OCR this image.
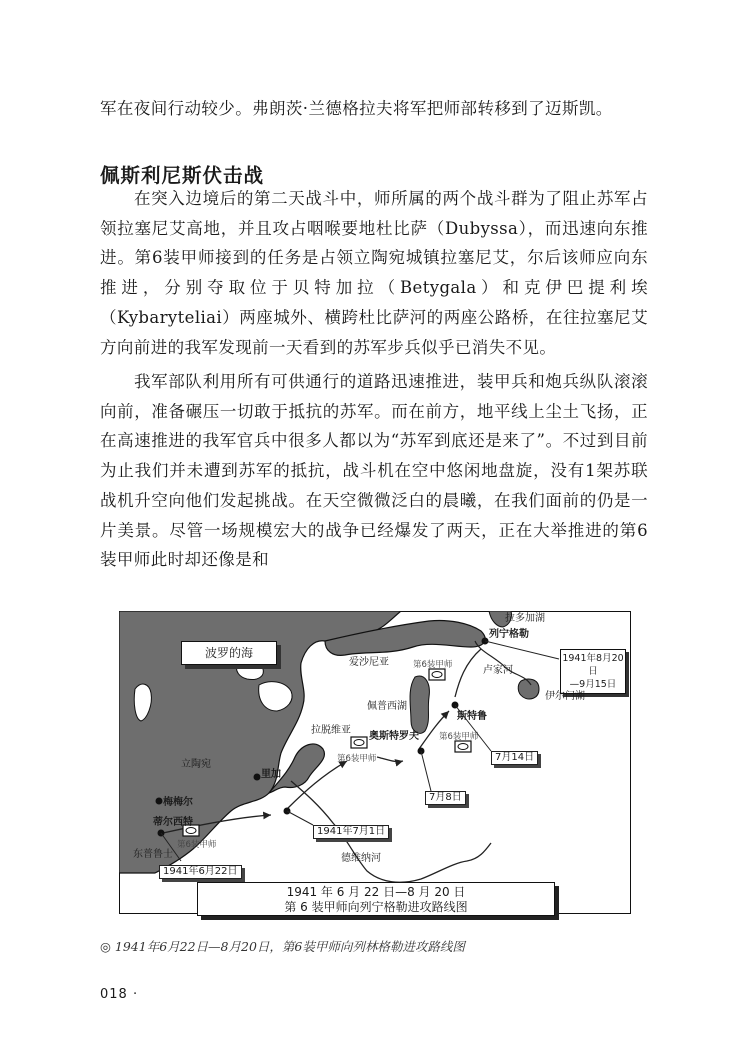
军在夜间行动较少。弗朗茨·兰德格拉夫将军把师部转移到了迈斯凯。

佩斯利尼斯伏击战

在突入边境后的第二天战斗中，师所属的两个战斗群为了阻止苏军占领拉塞尼艾高地，并且攻占咽喉要地杜比萨（Dubyssa），而迅速向东推进。第6装甲师接到的任务是占领立陶宛城镇拉塞尼艾，尔后该师应向东推进，分别夺取位于贝特加拉（Betygala）和克伊巴提利埃（Kybaryteliai）两座城外、横跨杜比萨河的两座公路桥，在往拉塞尼艾方向前进的我军发现前一天看到的苏军步兵似乎已消失不见。

我军部队利用所有可供通行的道路迅速推进，装甲兵和炮兵纵队滚滚向前，准备碾压一切敢于抵抗的苏军。而在前方，地平线上尘土飞扬，正在高速推进的我军官兵中很多人都以为“苏军到底还是来了”。不过到目前为止我们并未遭到苏军的抵抗，战斗机在空中悠闲地盘旋，没有1架苏联战机升空向他们发起挑战。在天空微微泛白的晨曦，在我们面前的仍是一片美景。尽管一场规模宏大的战争已经爆发了两天，正在大举推进的第6装甲师此时却还像是和

波罗的海	1941年8月20日
—9月15日
拉多加湖
列宁格勒
爱沙尼亚	第6装甲师	卢家河
佩普西湖
伊尔门湖
斯特鲁
拉脱维亚
奥斯特罗夫 第6装甲师
第6装甲师	7月14日
立陶宛
里加
7月8日
梅梅尔
蒂尔西特
1941年7月1日
第6装甲师
东普鲁士	德维纳河
1941年6月22日
1941 年 6 月 22 日—8 月 20 日
第 6 装甲师向列宁格勒进攻路线图
◎ 1941年6月22日—8月20日，第6装甲师向列林格勒进攻路线图
018 ·
